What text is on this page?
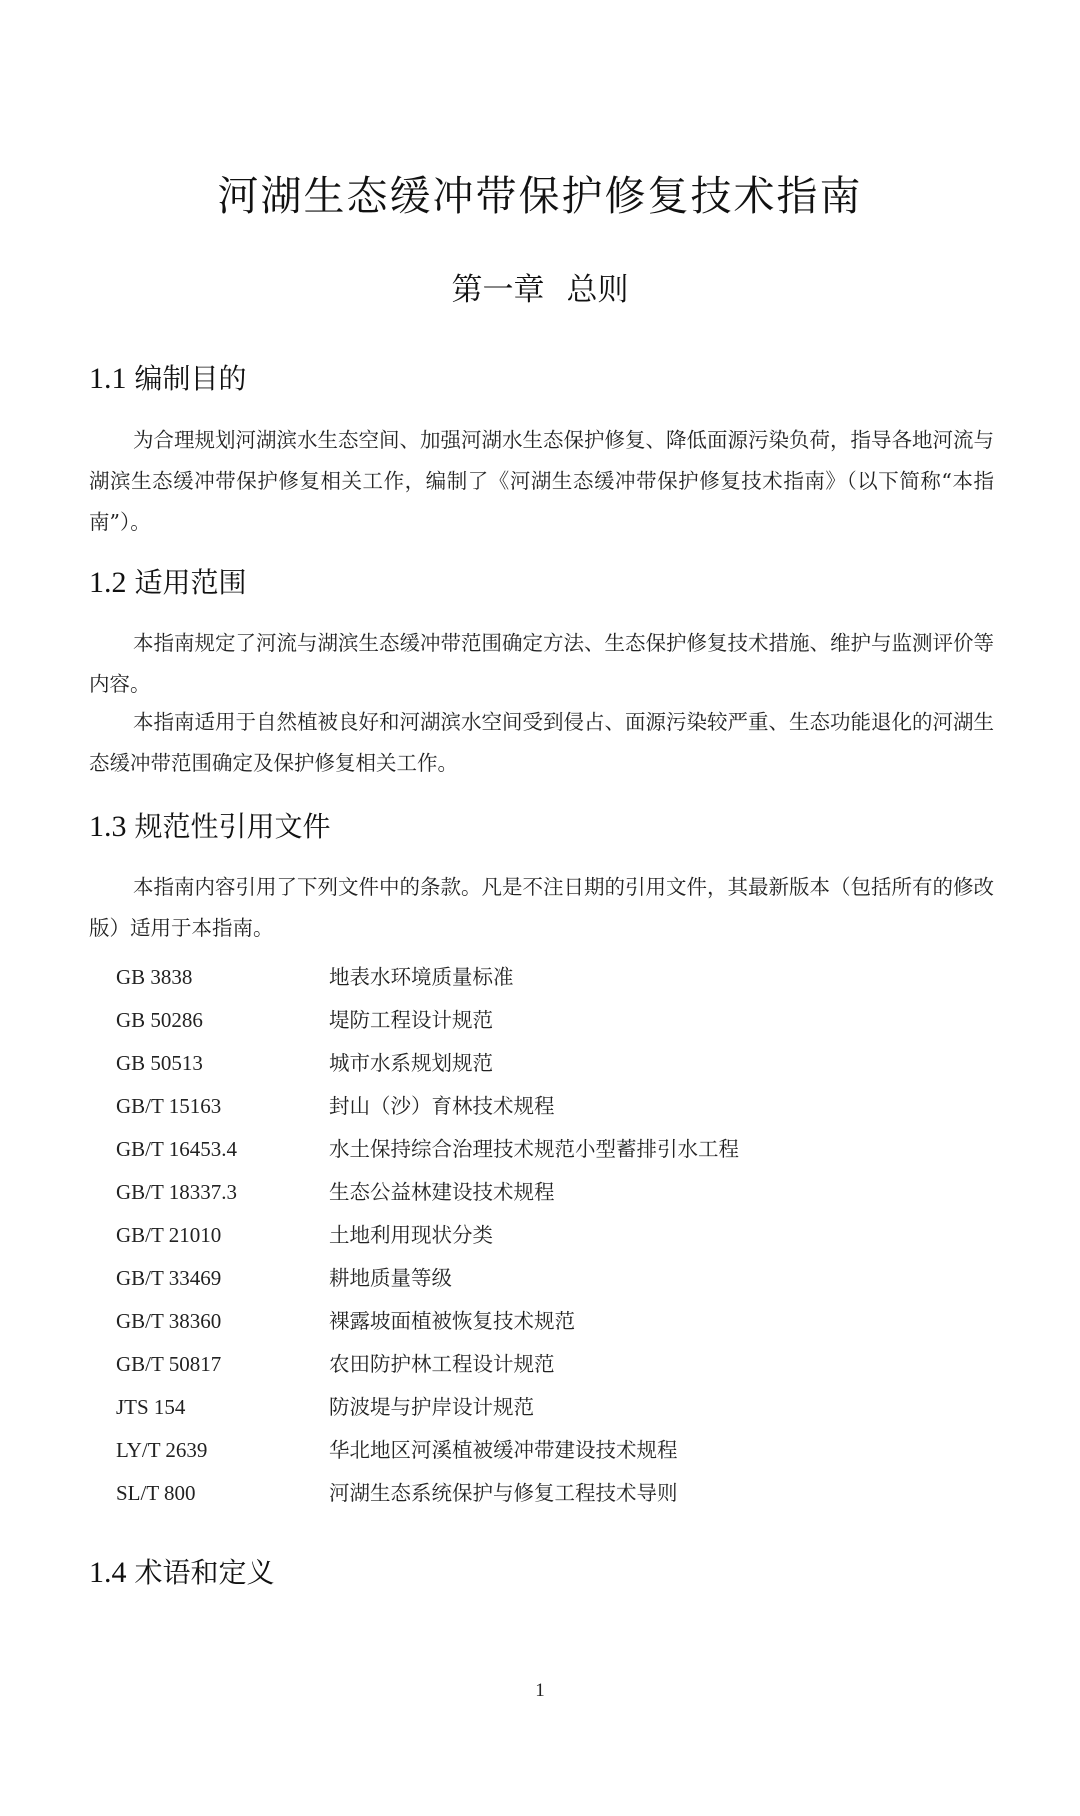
河湖生态缓冲带保护修复技术指南
第一章 总则
1.1 编制目的

为合理规划河湖滨水生态空间、加强河湖水生态保护修复、降低面源污染负荷，指导各地河流与湖滨生态缓冲带保护修复相关工作，编制了《河湖生态缓冲带保护修复技术指南》（以下简称“本指南”）。

1.2 适用范围

本指南规定了河流与湖滨生态缓冲带范围确定方法、生态保护修复技术措施、维护与监测评价等内容。

本指南适用于自然植被良好和河湖滨水空间受到侵占、面源污染较严重、生态功能退化的河湖生态缓冲带范围确定及保护修复相关工作。

1.3 规范性引用文件

本指南内容引用了下列文件中的条款。凡是不注日期的引用文件，其最新版本（包括所有的修改版）适用于本指南。

GB 3838	地表水环境质量标准
GB 50286	堤防工程设计规范
GB 50513	城市水系规划规范
GB/T 15163	封山（沙）育林技术规程
GB/T 16453.4	水土保持综合治理技术规范小型蓄排引水工程
GB/T 18337.3	生态公益林建设技术规程
GB/T 21010	土地利用现状分类
GB/T 33469	耕地质量等级
GB/T 38360	裸露坡面植被恢复技术规范
GB/T 50817	农田防护林工程设计规范
JTS 154	防波堤与护岸设计规范
LY/T 2639	华北地区河溪植被缓冲带建设技术规程
SL/T 800	河湖生态系统保护与修复工程技术导则
1.4 术语和定义
1
